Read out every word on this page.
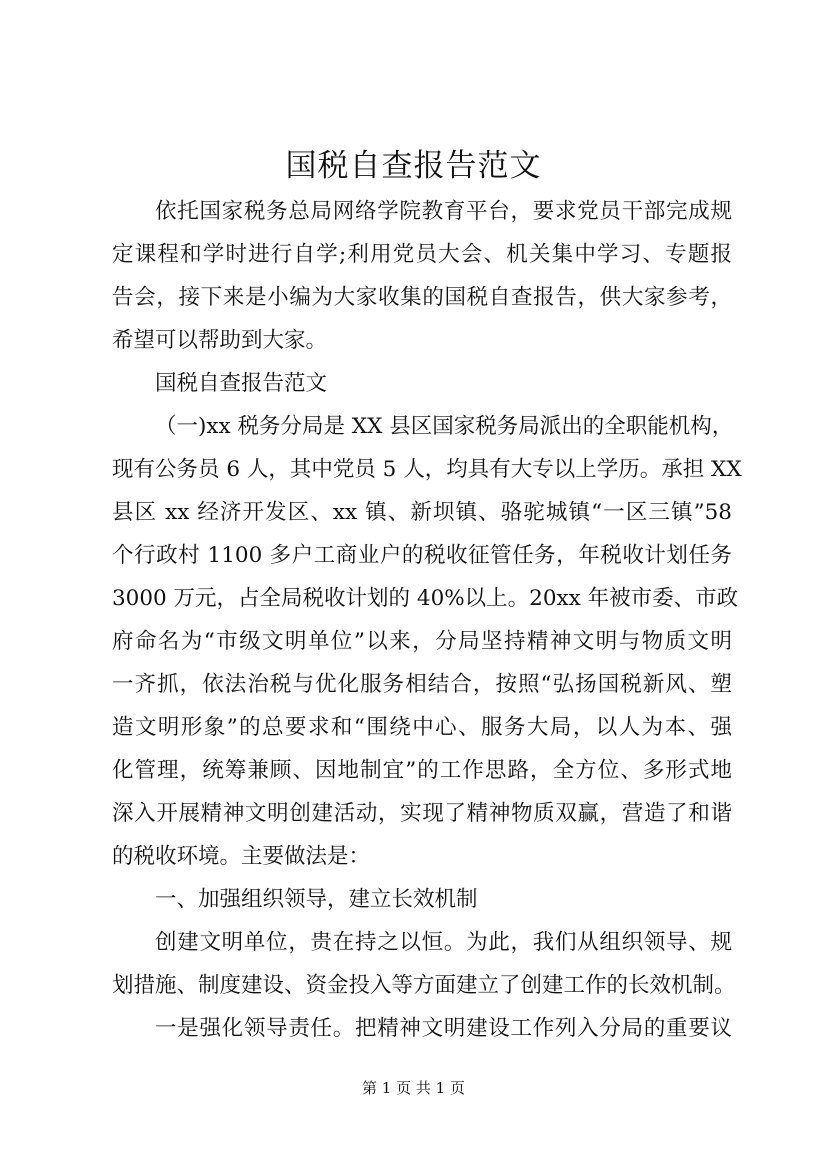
国税自查报告范文

依托国家税务总局网络学院教育平台，要求党员干部完成规

定课程和学时进行自学;利用党员大会、机关集中学习、专题报

告会，接下来是小编为大家收集的国税自查报告，供大家参考，

希望可以帮助到大家。

国税自查报告范文

（一)xx 税务分局是 XX 县区国家税务局派出的全职能机构，

现有公务员 6 人，其中党员 5 人，均具有大专以上学历。承担 XX

县区 xx 经济开发区、xx 镇、新坝镇、骆驼城镇“一区三镇”58

个行政村 1100 多户工商业户的税收征管任务，年税收计划任务

3000 万元，占全局税收计划的 40%以上。20xx 年被市委、市政

府命名为“市级文明单位”以来，分局坚持精神文明与物质文明

一齐抓，依法治税与优化服务相结合，按照“弘扬国税新风、塑

造文明形象”的总要求和“围绕中心、服务大局，以人为本、强

化管理，统筹兼顾、因地制宜”的工作思路，全方位、多形式地

深入开展精神文明创建活动，实现了精神物质双赢，营造了和谐

的税收环境。主要做法是：

一、加强组织领导，建立长效机制

创建文明单位，贵在持之以恒。为此，我们从组织领导、规

划措施、制度建设、资金投入等方面建立了创建工作的长效机制。

一是强化领导责任。把精神文明建设工作列入分局的重要议

第 1 页 共 1 页
